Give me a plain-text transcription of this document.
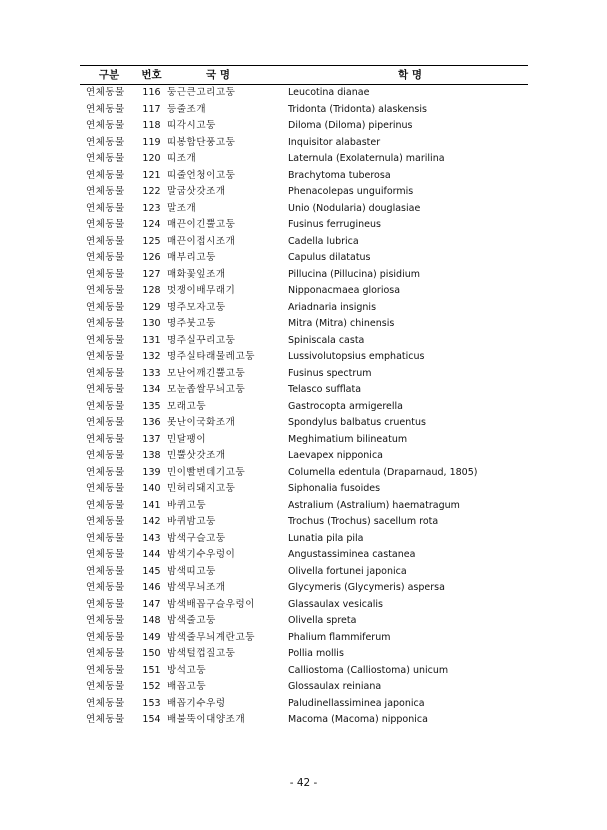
구분	번호	국 명	학 명
연체동물	116 둥근큰고리고둥	Leucotina dianae
연체동물	117 등줄조개	Tridonta (Tridonta) alaskensis
연체동물	118 띠각시고둥	Diloma (Diloma) piperinus
연체동물	119 띠봉합단풍고둥	Inquisitor alabaster
연체동물	120 띠조개	Laternula (Exolaternula) marilina
연체동물	121 띠줄언청이고둥	Brachytoma tuberosa
연체동물	122 말굽삿갓조개	Phenacolepas unguiformis
연체동물	123 말조개	Unio (Nodularia) douglasiae
연체동물	124 매끈이긴뿔고둥	Fusinus ferrugineus
연체동물	125 매끈이접시조개	Cadella lubrica
연체동물	126 매부리고둥	Capulus dilatatus
연체동물	127 매화꽃잎조개	Pillucina (Pillucina) pisidium
연체동물	128 멋쟁이배무래기	Nipponacmaea gloriosa
연체동물	129 명주모자고둥	Ariadnaria insignis
연체동물	130 명주붓고둥	Mitra (Mitra) chinensis
연체동물	131 명주실꾸리고둥	Spiniscala casta
연체동물	132 명주실타래물레고둥	Lussivolutopsius emphaticus
연체동물	133 모난어깨긴뿔고둥	Fusinus spectrum
연체동물	134 모눈좁쌀무늬고둥	Telasco sufflata
연체동물	135 모래고둥	Gastrocopta armigerella
연체동물	136 못난이국화조개	Spondylus balbatus cruentus
연체동물	137 민달팽이	Meghimatium bilineatum
연체동물	138 민뿔삿갓조개	Laevapex nipponica
연체동물	139 민이빨번데기고둥	Columella edentula (Draparnaud, 1805)
연체동물	140 민허리돼지고둥	Siphonalia fusoides
연체동물	141 바퀴고둥	Astralium (Astralium) haematragum
연체동물	142 바퀴밤고둥	Trochus (Trochus) sacellum rota
연체동물	143 밤색구슬고둥	Lunatia pila pila
연체동물	144 밤색기수우렁이	Angustassiminea castanea
연체동물	145 밤색띠고둥	Olivella fortunei japonica
연체동물	146 밤색무늬조개	Glycymeris (Glycymeris) aspersa
연체동물	147 밤색배꼽구슬우렁이	Glassaulax vesicalis
연체동물	148 밤색줄고둥	Olivella spreta
연체동물	149 밤색줄무늬계란고둥	Phalium flammiferum
연체동물	150 밤색털껍질고둥	Pollia mollis
연체동물	151 방석고둥	Calliostoma (Calliostoma) unicum
연체동물	152 배꼽고둥	Glossaulax reiniana
연체동물	153 배꼽기수우렁	Paludinellassiminea japonica
연체동물	154 배불뚝이대양조개	Macoma (Macoma) nipponica
- 42 -
